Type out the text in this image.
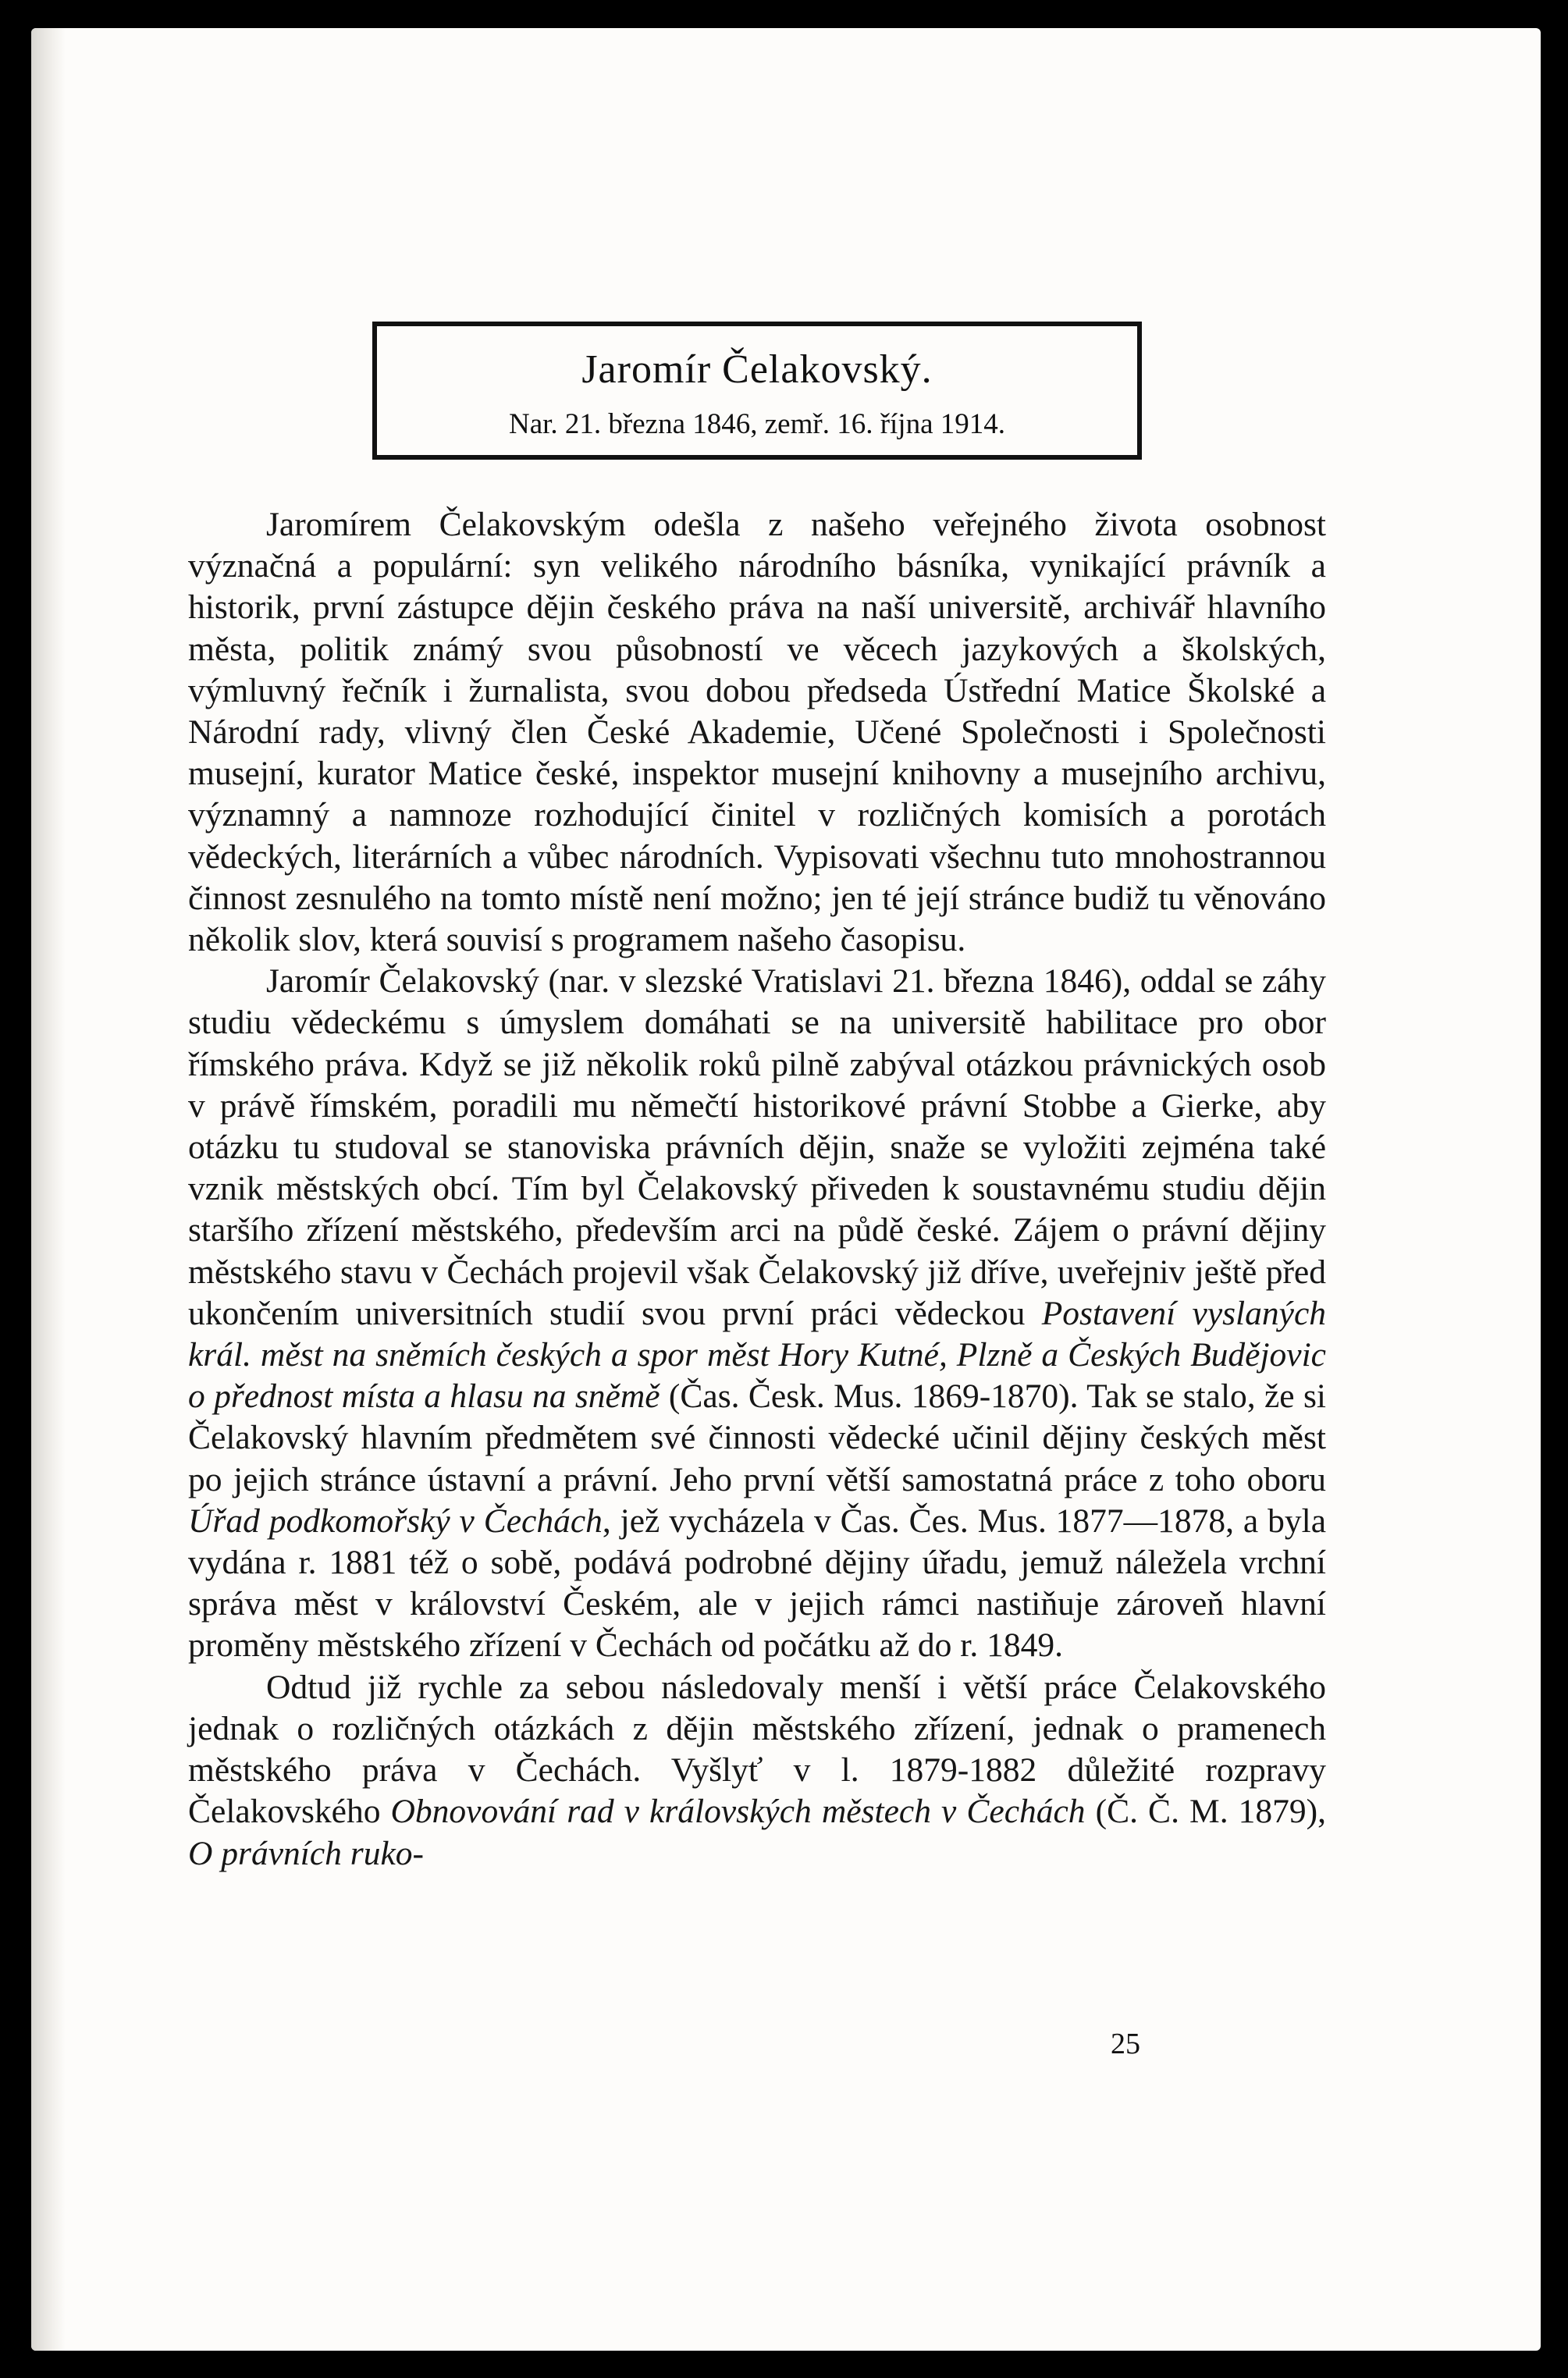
Jaromír Čelakovský.
Nar. 21. března 1846, zemř. 16. října 1914.

Jaromírem Čelakovským odešla z našeho veřejného života osobnost význačná a populární: syn velikého národního básníka, vynikající právník a historik, první zástupce dějin českého práva na naší universitě, archivář hlavního města, politik známý svou působností ve věcech jazykových a školských, výmluvný řečník i žurnalista, svou dobou předseda Ústřední Matice Školské a Národní rady, vlivný člen České Akademie, Učené Společnosti i Společnosti musejní, kurator Matice české, inspektor musejní knihovny a musejního archivu, významný a namnoze rozhodující činitel v rozličných komisích a porotách vědeckých, literárních a vůbec národních. Vypisovati všechnu tuto mnohostrannou činnost zesnulého na tomto místě není možno; jen té její stránce budiž tu věnováno několik slov, která souvisí s programem našeho časopisu.

Jaromír Čelakovský (nar. v slezské Vratislavi 21. března 1846), oddal se záhy studiu vědeckému s úmyslem domáhati se na universitě habilitace pro obor římského práva. Když se již několik roků pilně zabýval otázkou právnických osob v právě římském, poradili mu němečtí historikové právní Stobbe a Gierke, aby otázku tu studoval se stanoviska právních dějin, snaže se vyložiti zejména také vznik městských obcí. Tím byl Čelakovský přiveden k soustavnému studiu dějin staršího zřízení městského, především arci na půdě české. Zájem o právní dějiny městského stavu v Čechách projevil však Čelakovský již dříve, uveřejniv ještě před ukončením universitních studií svou první práci vědeckou Postavení vyslaných král. měst na sněmích českých a spor měst Hory Kutné, Plzně a Českých Budějovic o přednost místa a hlasu na sněmě (Čas. Česk. Mus. 1869-1870). Tak se stalo, že si Čelakovský hlavním předmětem své činnosti vědecké učinil dějiny českých měst po jejich stránce ústavní a právní. Jeho první větší samostatná práce z toho oboru Úřad podkomořský v Čechách, jež vycházela v Čas. Čes. Mus. 1877—1878, a byla vydána r. 1881 též o sobě, podává podrobné dějiny úřadu, jemuž náležela vrchní správa měst v království Českém, ale v jejich rámci nastiňuje zároveň hlavní proměny městského zřízení v Čechách od počátku až do r. 1849.

Odtud již rychle za sebou následovaly menší i větší práce Čelakovského jednak o rozličných otázkách z dějin městského zřízení, jednak o pramenech městského práva v Čechách. Vyšlyť v l. 1879-1882 důležité rozpravy Čelakovského Obnovování rad v královských městech v Čechách (Č. Č. M. 1879), O právních ruko-

25
